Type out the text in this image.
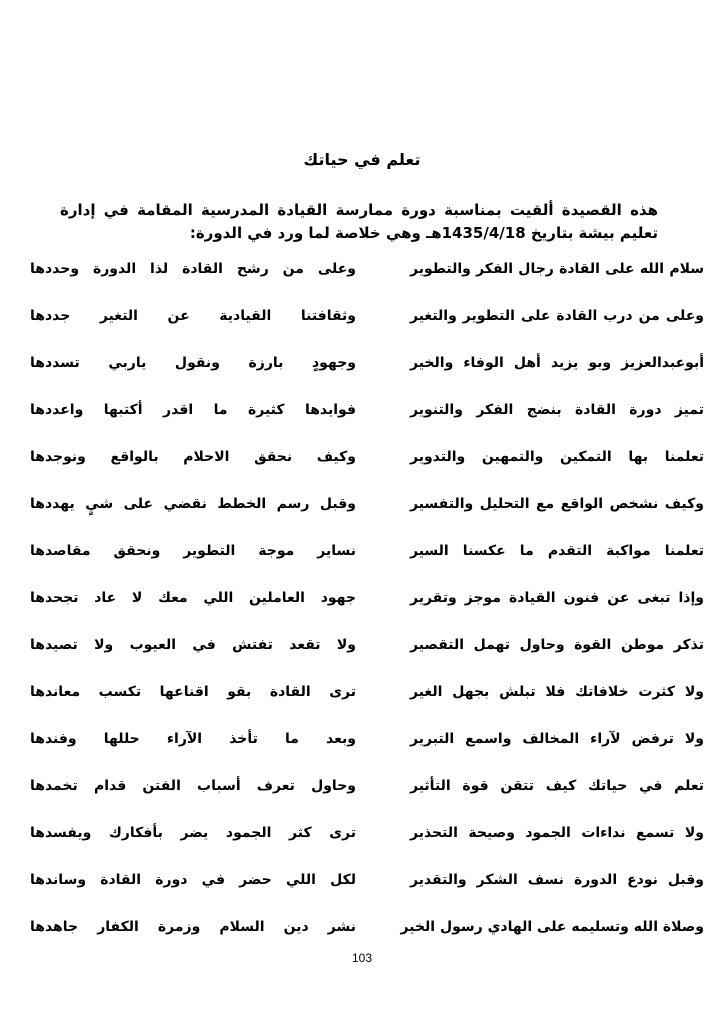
تعلم في حياتك
هذه القصيدة ألقيت بمناسبة دورة ممارسة القيادة المدرسية المقامة في إدارة
تعليم بيشة بتاريخ 1435/4/18هـ وهي خلاصة لما ورد في الدورة:
سلام الله على القادة رجال الفكر والتطوير
وعلى من رشح القادة لذا الدورة وحددها
وعلى من درب القادة على التطوير والتغير
وثقافتنا القيادية عن التغير جددها
أبوعبدالعزيز وبو يزيد أهل الوفاء والخير
وجهودٍ بارزة ونقول ياربي تسددها
تميز دورة القادة بنضج الفكر والتنوير
فوايدها كثيرة ما اقدر أكتبها واعددها
تعلمنا بها التمكين والتمهين والتدوير
وكيف نحقق الاحلام بالواقع ونوجدها
وكيف نشخص الواقع مع التحليل والتفسير
وقبل رسم الخطط نقضي على شيٍ يهددها
تعلمنا مواكبة التقدم ما عكسنا السير
نساير موجة التطوير ونحقق مقاصدها
وإذا تبغى عن فنون القيادة موجز وتقرير
جهود العاملين اللي معك لا عاد تجحدها
تذكر موطن القوة وحاول تهمل التقصير
ولا تقعد تفتش في العيوب ولا تصيدها
ولا كثرت خلافاتك فلا تبلش بجهل الغير
ترى القادة بقو اقناعها تكسب معاندها
ولا ترفض لآراء المخالف واسمع التبرير
وبعد ما تأخذ الآراء حللها وفندها
تعلم في حياتك كيف تتقن قوة التأثير
وحاول تعرف أسباب الفتن قدام تخمدها
ولا تسمع نداءات الجمود وصيحة التحذير
ترى كثر الجمود يضر بأفكارك ويفسدها
وقبل نودع الدورة نسف الشكر والتقدير
لكل اللي حضر في دورة القادة وساندها
وصلاة الله وتسليمه على الهادي رسول الخير
نشر دين السلام وزمرة الكفار جاهدها
103
